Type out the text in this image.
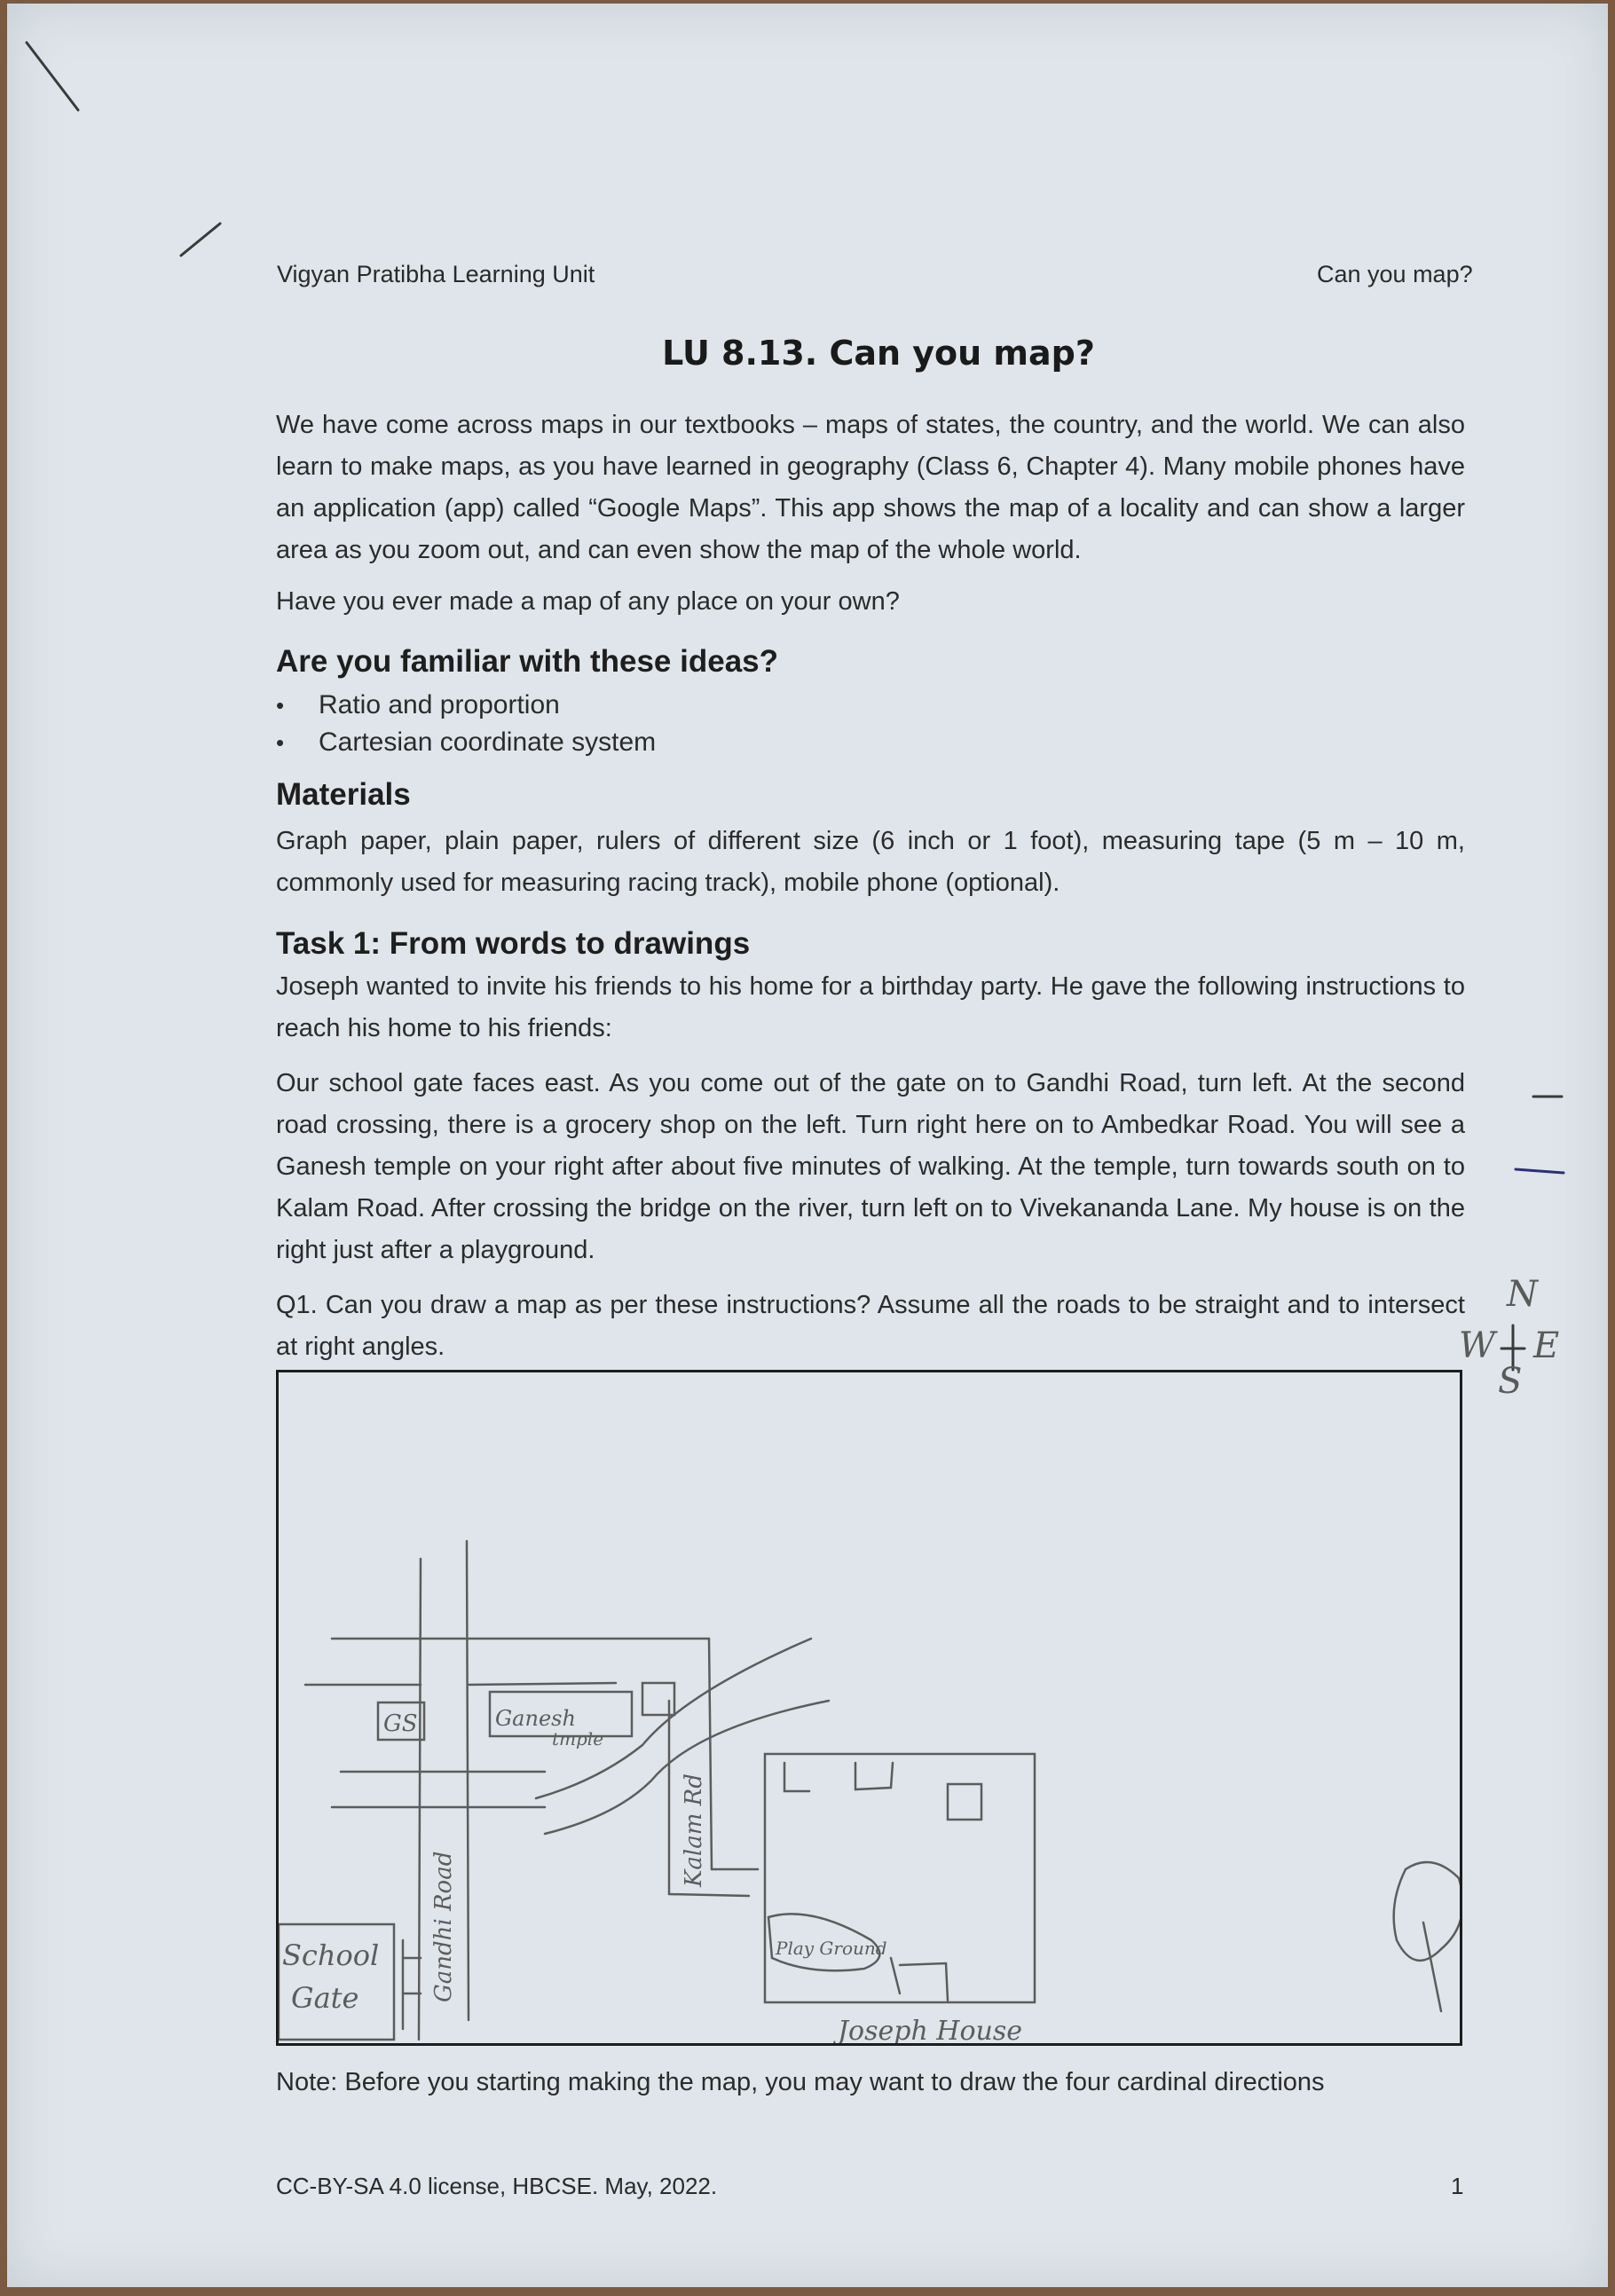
Vigyan Pratibha Learning Unit	Can you map?
LU 8.13. Can you map?

We have come across maps in our textbooks – maps of states, the country, and the world. We can also learn to make maps, as you have learned in geography (Class 6, Chapter 4). Many mobile phones have an application (app) called “Google Maps”. This app shows the map of a locality and can show a larger area as you zoom out, and can even show the map of the whole world.

Have you ever made a map of any place on your own?

Are you familiar with these ideas?
• Ratio and proportion
• Cartesian coordinate system
Materials

Graph paper, plain paper, rulers of different size (6 inch or 1 foot), measuring tape (5 m – 10 m, commonly used for measuring racing track), mobile phone (optional).

Task 1: From words to drawings

Joseph wanted to invite his friends to his home for a birthday party. He gave the following instructions to reach his home to his friends:

Our school gate faces east. As you come out of the gate on to Gandhi Road, turn left. At the second road crossing, there is a grocery shop on the left. Turn right here on to Ambedkar Road. You will see a Ganesh temple on your right after about five minutes of walking. At the temple, turn towards south on to Kalam Road. After crossing the bridge on the river, turn left on to Vivekananda Lane. My house is on the right just after a playground.

Q1. Can you draw a map as per these instructions? Assume all the roads to be straight and to intersect at right angles.

GS	Ganesh
tmple
Kalam Rd
Gandhi Road
School
Gate
Play Ground
Joseph House
N
W E
S

Note: Before you starting making the map, you may want to draw the four cardinal directions

CC-BY-SA 4.0 license, HBCSE. May, 2022.	1
